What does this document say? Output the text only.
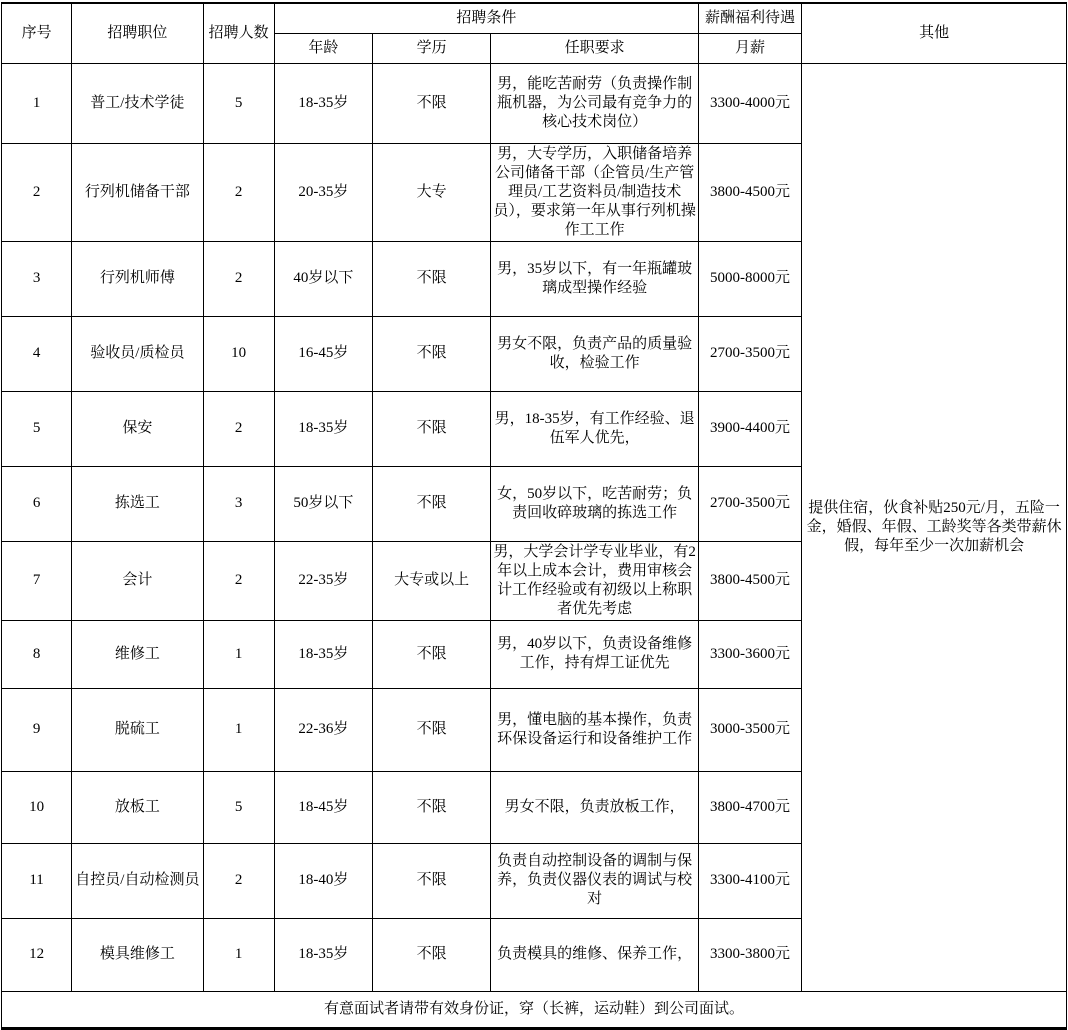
序号	招聘职位	招聘人数	招聘条件			薪酬福利待遇	其他
			年龄	学历	任职要求	月薪	
1	普工/技术学徒	5	18-35岁	不限	男，能吃苦耐劳（负责操作制瓶机器，为公司最有竞争力的核心技术岗位）	3300-4000元	提供住宿，伙食补贴250元/月，五险一金，婚假、年假、工龄奖等各类带薪休假，每年至少一次加薪机会
2	行列机储备干部	2	20-35岁	大专	男，大专学历，入职储备培养公司储备干部（企管员/生产管理员/工艺资料员/制造技术员），要求第一年从事行列机操作工工作	3800-4500元	
3	行列机师傅	2	40岁以下	不限	男，35岁以下，有一年瓶罐玻璃成型操作经验	5000-8000元	
4	验收员/质检员	10	16-45岁	不限	男女不限，负责产品的质量验收，检验工作	2700-3500元	
5	保安	2	18-35岁	不限	男，18-35岁，有工作经验、退伍军人优先，	3900-4400元	
6	拣选工	3	50岁以下	不限	女，50岁以下，吃苦耐劳；负责回收碎玻璃的拣选工作	2700-3500元	
7	会计	2	22-35岁	大专或以上	男，大学会计学专业毕业，有2年以上成本会计，费用审核会计工作经验或有初级以上称职者优先考虑	3800-4500元	
8	维修工	1	18-35岁	不限	男，40岁以下，负责设备维修工作，持有焊工证优先	3300-3600元	
9	脱硫工	1	22-36岁	不限	男，懂电脑的基本操作，负责环保设备运行和设备维护工作	3000-3500元	
10	放板工	5	18-45岁	不限	男女不限，负责放板工作，	3800-4700元	
11	自控员/自动检测员	2	18-40岁	不限	负责自动控制设备的调制与保养，负责仪器仪表的调试与校对	3300-4100元	
12	模具维修工	1	18-35岁	不限	负责模具的维修、保养工作，	3300-3800元	
有意面试者请带有效身份证，穿（长裤，运动鞋）到公司面试。							
